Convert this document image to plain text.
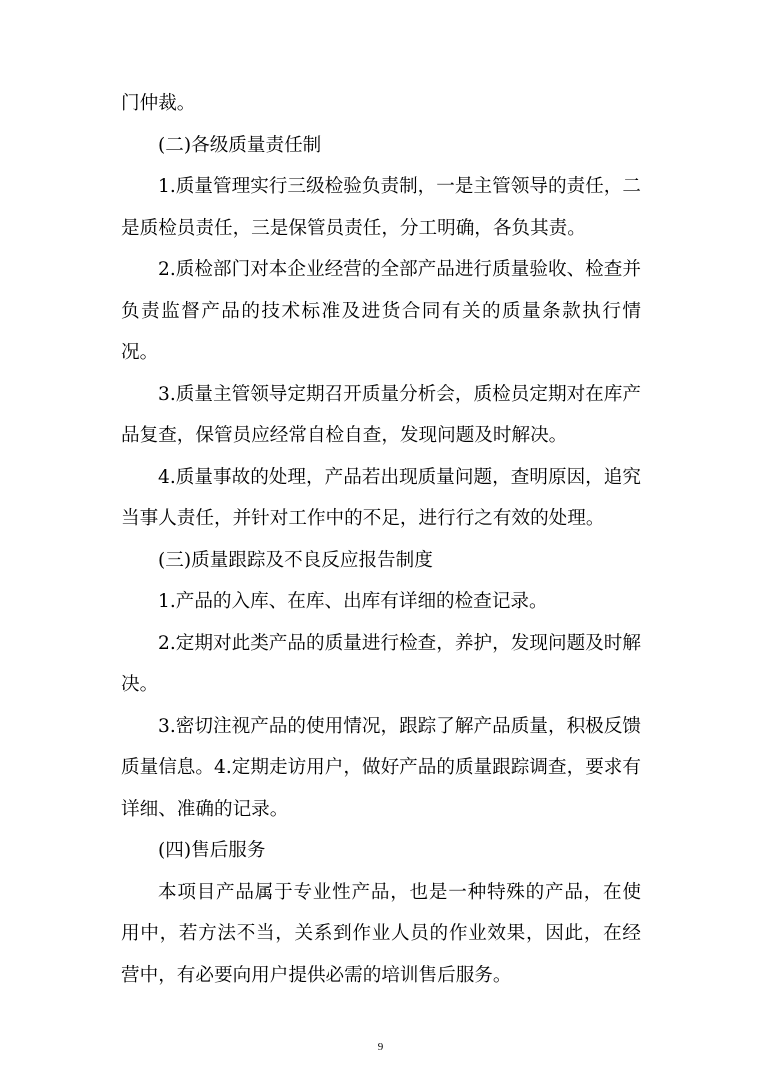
门仲裁。

(二)各级质量责任制

1.质量管理实行三级检验负责制，一是主管领导的责任，二是质检员责任，三是保管员责任，分工明确，各负其责。

2.质检部门对本企业经营的全部产品进行质量验收、检查并负责监督产品的技术标准及进货合同有关的质量条款执行情况。

3.质量主管领导定期召开质量分析会，质检员定期对在库产品复查，保管员应经常自检自查，发现问题及时解决。

4.质量事故的处理，产品若出现质量问题，查明原因，追究当事人责任，并针对工作中的不足，进行行之有效的处理。

(三)质量跟踪及不良反应报告制度

1.产品的入库、在库、出库有详细的检查记录。

2.定期对此类产品的质量进行检查，养护，发现问题及时解决。

3.密切注视产品的使用情况，跟踪了解产品质量，积极反馈质量信息。4.定期走访用户，做好产品的质量跟踪调查，要求有详细、准确的记录。

(四)售后服务

本项目产品属于专业性产品，也是一种特殊的产品，在使用中，若方法不当，关系到作业人员的作业效果，因此，在经营中，有必要向用户提供必需的培训售后服务。

9
